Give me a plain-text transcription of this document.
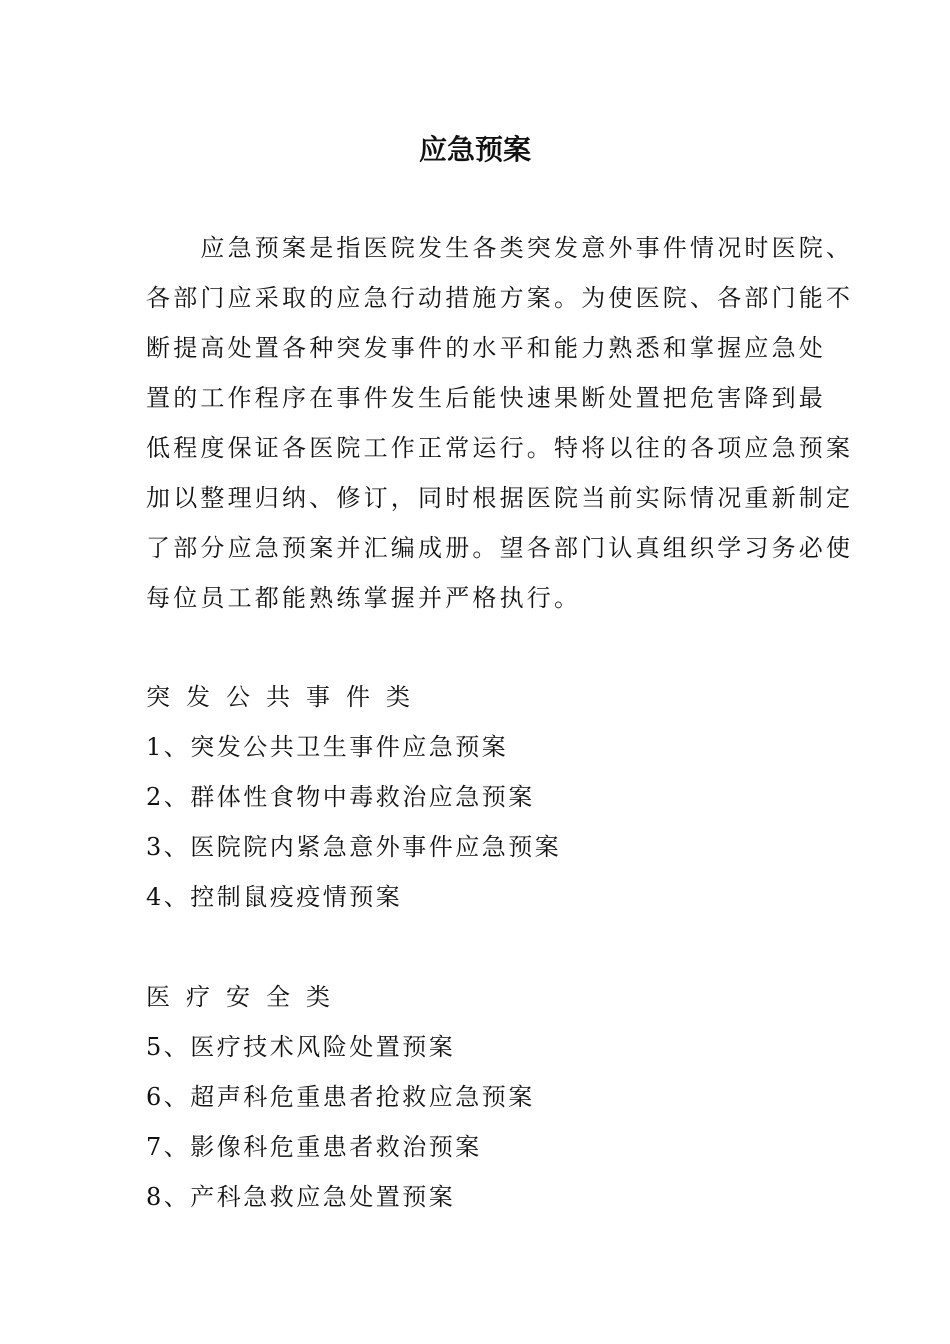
应急预案
　　应急预案是指医院发生各类突发意外事件情况时医院、
各部门应采取的应急行动措施方案。为使医院、各部门能不
断提高处置各种突发事件的水平和能力熟悉和掌握应急处
置的工作程序在事件发生后能快速果断处置把危害降到最
低程度保证各医院工作正常运行。特将以往的各项应急预案
加以整理归纳、修订，同时根据医院当前实际情况重新制定
了部分应急预案并汇编成册。望各部门认真组织学习务必使
每位员工都能熟练掌握并严格执行。
突发公共事件类
1、突发公共卫生事件应急预案
2、群体性食物中毒救治应急预案
3、医院院内紧急意外事件应急预案
4、控制鼠疫疫情预案
医疗安全类
5、医疗技术风险处置预案
6、超声科危重患者抢救应急预案
7、影像科危重患者救治预案
8、产科急救应急处置预案
